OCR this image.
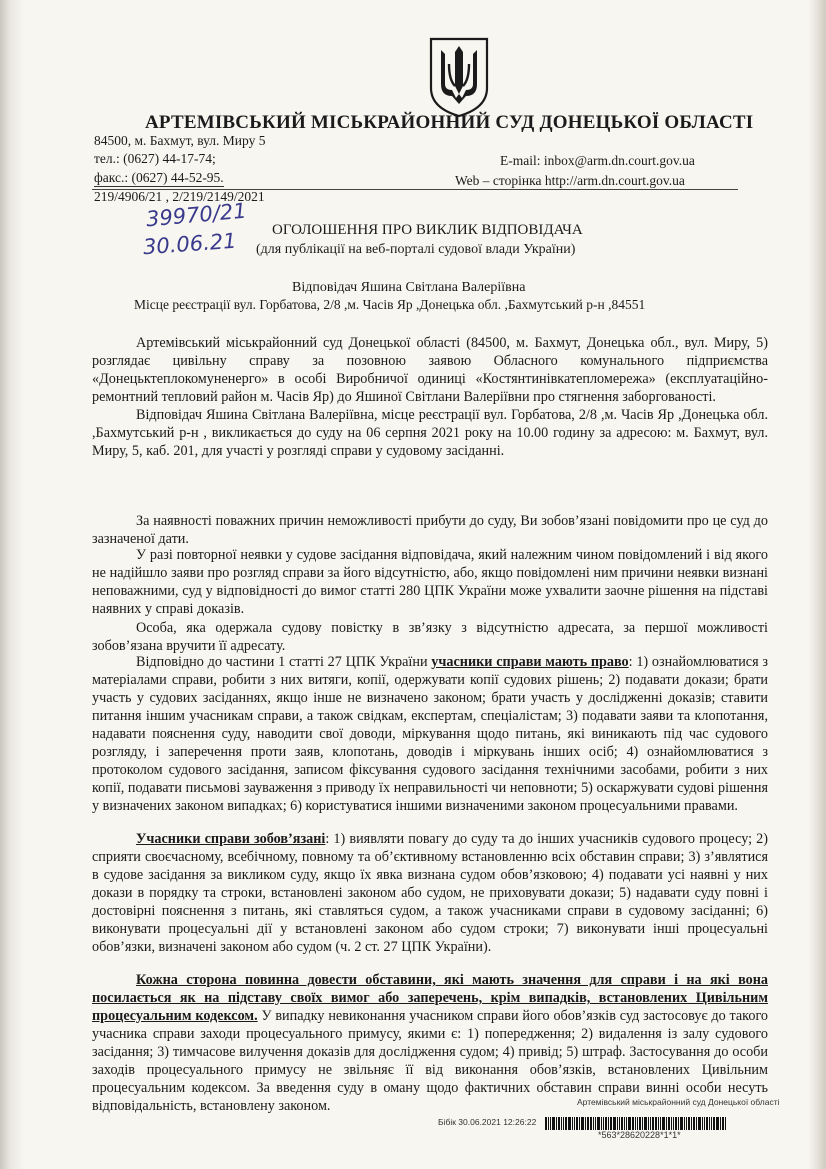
АРТЕМІВСЬКИЙ МІСЬКРАЙОННИЙ СУД ДОНЕЦЬКОЇ ОБЛАСТІ
84500, м. Бахмут, вул. Миру 5
тел.: (0627) 44-17-74;
факс.: (0627) 44-52-95.
E-mail: inbox@arm.dn.court.gov.ua
Web – сторінка http://arm.dn.court.gov.ua
219/4906/21 , 2/219/2149/2021
39970/21
30.06.21 ОГОЛОШЕННЯ ПРО ВИКЛИК ВІДПОВІДАЧА
(для публікації на веб-порталі судової влади України)
Відповідач Яшина Світлана Валеріївна
Місце реєстрації вул. Горбатова, 2/8 ,м. Часів Яр ,Донецька обл. ,Бахмутський р-н ,84551

Артемівський міськрайонний суд Донецької області (84500, м. Бахмут, Донецька обл., вул. Миру, 5) розглядає цивільну справу за позовною заявою Обласного комунального підприємства «Донецьктеплокомуненерго» в особі Виробничої одиниці «Костянтинівкатепломережа» (експлуатаційно-ремонтний тепловий район м. Часів Яр) до Яшиної Світлани Валеріївни про стягнення заборгованості.

Відповідач Яшина Світлана Валеріївна, місце реєстрації вул. Горбатова, 2/8 ,м. Часів Яр ,Донецька обл. ,Бахмутський р-н , викликається до суду на 06 серпня 2021 року на 10.00 годину за адресою: м. Бахмут, вул. Миру, 5, каб. 201, для участі у розгляді справи у судовому засіданні.

За наявності поважних причин неможливості прибути до суду, Ви зобов’язані повідомити про це суд до зазначеної дати.

У разі повторної неявки у судове засідання відповідача, який належним чином повідомлений і від якого не надійшло заяви про розгляд справи за його відсутністю, або, якщо повідомлені ним причини неявки визнані неповажними, суд у відповідності до вимог статті 280 ЦПК України може ухвалити заочне рішення на підставі наявних у справі доказів.

Особа, яка одержала судову повістку в зв’язку з відсутністю адресата, за першої можливості зобов’язана вручити її адресату.

Відповідно до частини 1 статті 27 ЦПК України учасники справи мають право: 1) ознайомлюватися з матеріалами справи, робити з них витяги, копії, одержувати копії судових рішень; 2) подавати докази; брати участь у судових засіданнях, якщо інше не визначено законом; брати участь у дослідженні доказів; ставити питання іншим учасникам справи, а також свідкам, експертам, спеціалістам; 3) подавати заяви та клопотання, надавати пояснення суду, наводити свої доводи, міркування щодо питань, які виникають під час судового розгляду, і заперечення проти заяв, клопотань, доводів і міркувань інших осіб; 4) ознайомлюватися з протоколом судового засідання, записом фіксування судового засідання технічними засобами, робити з них копії, подавати письмові зауваження з приводу їх неправильності чи неповноти; 5) оскаржувати судові рішення у визначених законом випадках; 6) користуватися іншими визначеними законом процесуальними правами.

Учасники справи зобов’язані: 1) виявляти повагу до суду та до інших учасників судового процесу; 2) сприяти своєчасному, всебічному, повному та об’єктивному встановленню всіх обставин справи; 3) з’являтися в судове засідання за викликом суду, якщо їх явка визнана судом обов’язковою; 4) подавати усі наявні у них докази в порядку та строки, встановлені законом або судом, не приховувати докази; 5) надавати суду повні і достовірні пояснення з питань, які ставляться судом, а також учасниками справи в судовому засіданні; 6) виконувати процесуальні дії у встановлені законом або судом строки; 7) виконувати інші процесуальні обов’язки, визначені законом або судом (ч. 2 ст. 27 ЦПК України).

Кожна сторона повинна довести обставини, які мають значення для справи і на які вона посилається як на підставу своїх вимог або заперечень, крім випадків, встановлених Цивільним процесуальним кодексом. У випадку невиконання учасником справи його обов’язків суд застосовує до такого учасника справи заходи процесуального примусу, якими є: 1) попередження; 2) видалення із залу судового засідання; 3) тимчасове вилучення доказів для дослідження судом; 4) привід; 5) штраф. Застосування до особи заходів процесуального примусу не звільняє її від виконання обов’язків, встановлених Цивільним процесуальним кодексом. За введення суду в оману щодо фактичних обставин справи винні особи несуть відповідальність, встановлену законом.	Артемівський міськрайонний суд Донецької області
Бібік 30.06.2021 12:26:22
*563*28620228*1*1*
